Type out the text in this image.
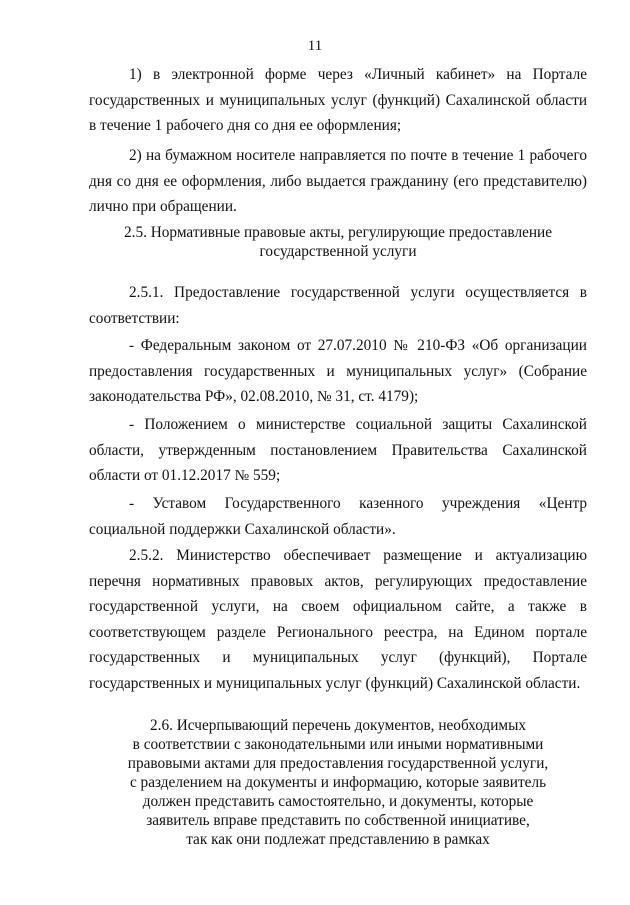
11

1) в электронной форме через «Личный кабинет» на Портале государственных и муниципальных услуг (функций) Сахалинской области в течение 1 рабочего дня со дня ее оформления;

2) на бумажном носителе направляется по почте в течение 1 рабочего дня со дня ее оформления, либо выдается гражданину (его представителю) лично при обращении.

2.5. Нормативные правовые акты, регулирующие предоставление
государственной услуги

2.5.1. Предоставление государственной услуги осуществляется в соответствии:

- Федеральным законом от 27.07.2010 № 210-ФЗ «Об организации предоставления государственных и муниципальных услуг» (Собрание законодательства РФ», 02.08.2010, № 31, ст. 4179);

- Положением о министерстве социальной защиты Сахалинской области, утвержденным постановлением Правительства Сахалинской области от 01.12.2017 № 559;

- Уставом Государственного казенного учреждения «Центр социальной поддержки Сахалинской области».

2.5.2. Министерство обеспечивает размещение и актуализацию перечня нормативных правовых актов, регулирующих предоставление государственной услуги, на своем официальном сайте, а также в соответствующем разделе Регионального реестра, на Едином портале государственных и муниципальных услуг (функций), Портале государственных и муниципальных услуг (функций) Сахалинской области.

2.6. Исчерпывающий перечень документов, необходимых
в соответствии с законодательными или иными нормативными
правовыми актами для предоставления государственной услуги,
с разделением на документы и информацию, которые заявитель
должен представить самостоятельно, и документы, которые
заявитель вправе представить по собственной инициативе,
так как они подлежат представлению в рамках
